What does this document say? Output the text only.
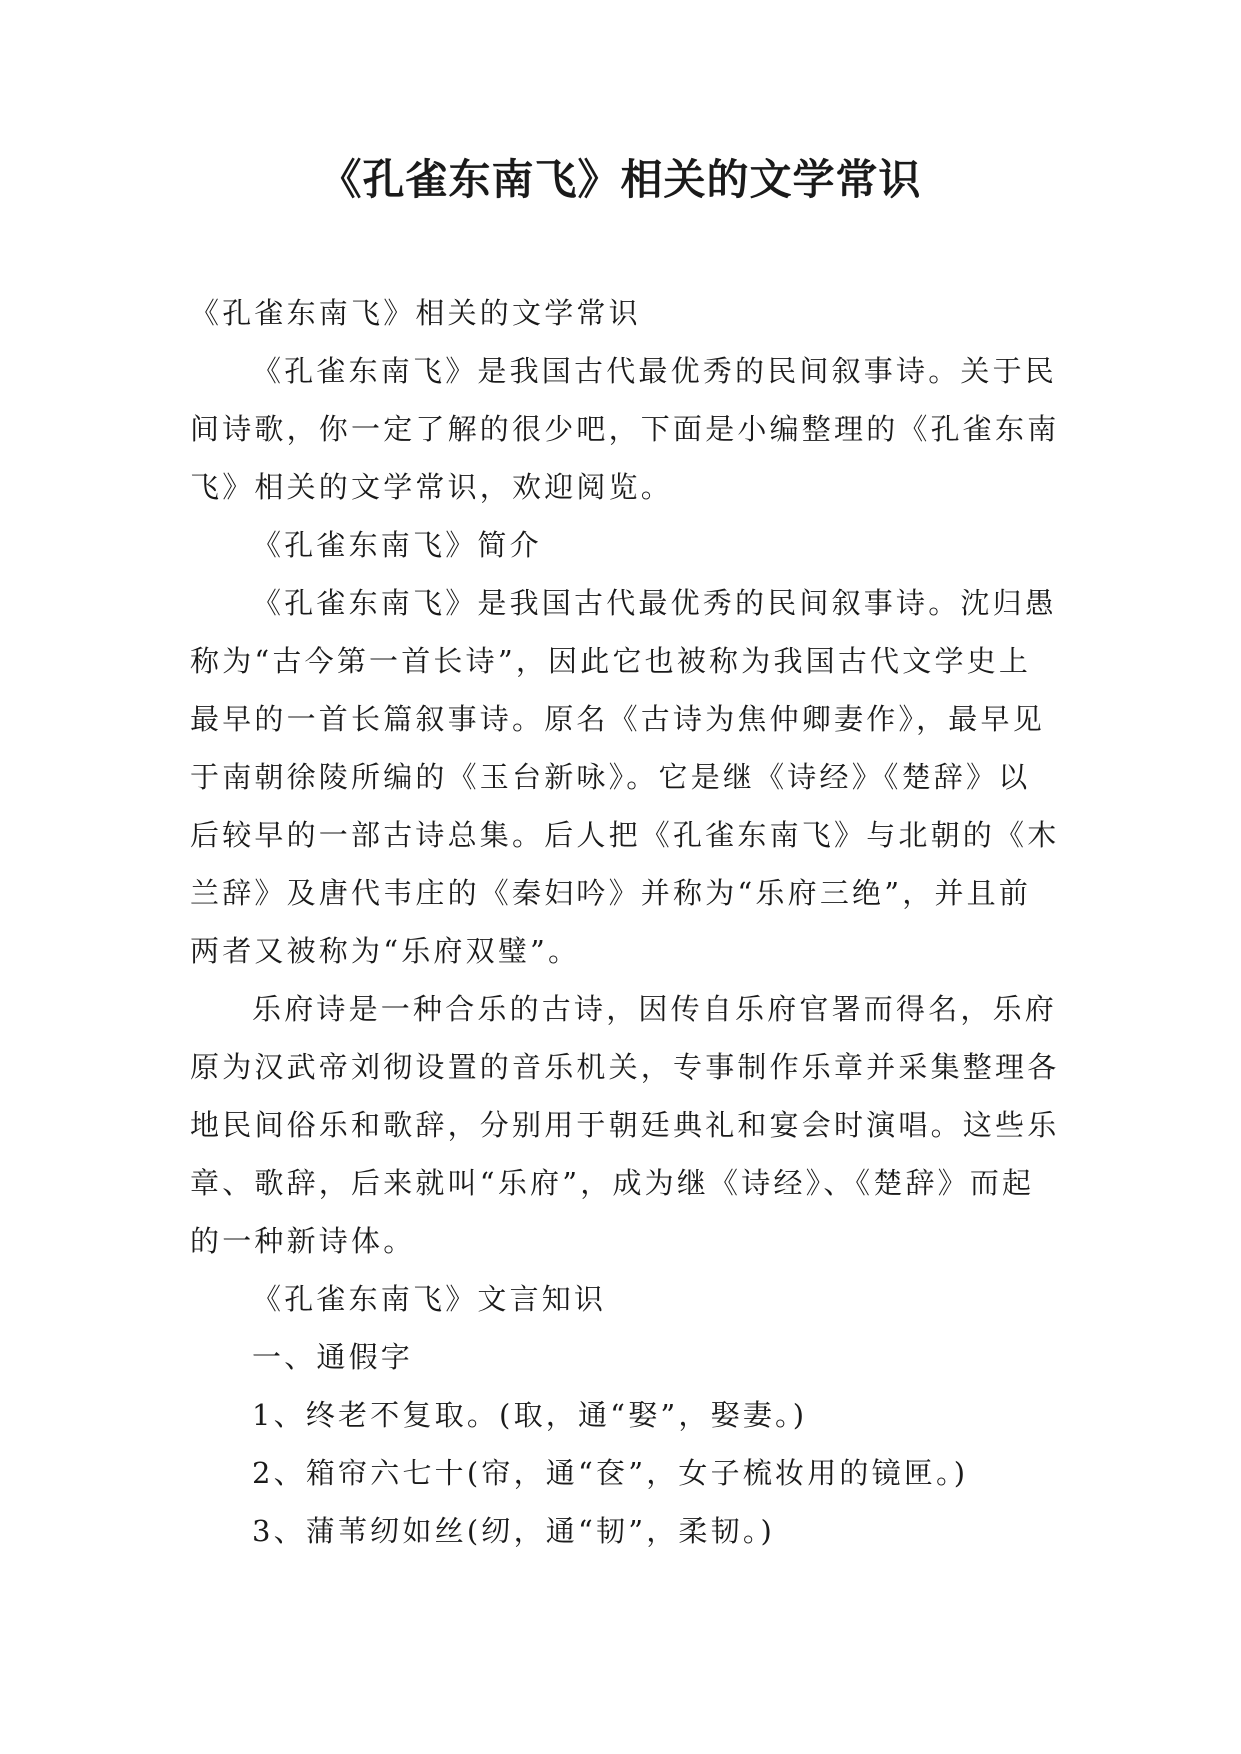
《孔雀东南飞》相关的文学常识

《孔雀东南飞》相关的文学常识

《孔雀东南飞》是我国古代最优秀的民间叙事诗。关于民间诗歌，你一定了解的很少吧，下面是小编整理的《孔雀东南飞》相关的文学常识，欢迎阅览。

《孔雀东南飞》简介

《孔雀东南飞》是我国古代最优秀的民间叙事诗。沈归愚称为“古今第一首长诗”，因此它也被称为我国古代文学史上最早的一首长篇叙事诗。原名《古诗为焦仲卿妻作》，最早见于南朝徐陵所编的《玉台新咏》。它是继《诗经》《楚辞》以后较早的一部古诗总集。后人把《孔雀东南飞》与北朝的《木兰辞》及唐代韦庄的《秦妇吟》并称为“乐府三绝”，并且前两者又被称为“乐府双璧”。

乐府诗是一种合乐的古诗，因传自乐府官署而得名，乐府原为汉武帝刘彻设置的音乐机关，专事制作乐章并采集整理各地民间俗乐和歌辞，分别用于朝廷典礼和宴会时演唱。这些乐章、歌辞，后来就叫“乐府”，成为继《诗经》、《楚辞》而起的一种新诗体。

《孔雀东南飞》文言知识

一、通假字

1、终老不复取。(取，通“娶”，娶妻。)

2、箱帘六七十(帘，通“奁”，女子梳妆用的镜匣。)

3、蒲苇纫如丝(纫，通“韧”，柔韧。)
